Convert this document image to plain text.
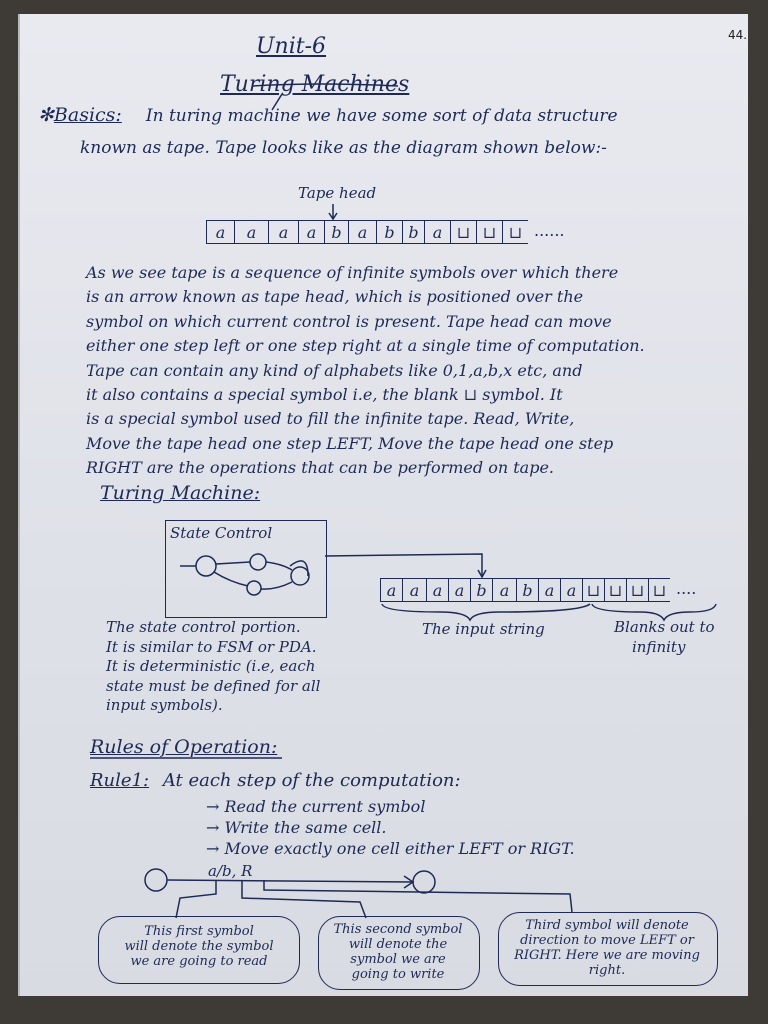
44.
Unit-6
Turing Machines
✻Basics: In turing machine we have some sort of data structure
known as tape. Tape looks like as the diagram shown below:-
Tape head
a	a	a	a b	a	b b a ⊔ ⊔ ⊔ ......
As we see tape is a sequence of infinite symbols over which there
is an arrow known as tape head, which is positioned over the
symbol on which current control is present. Tape head can move
either one step left or one step right at a single time of computation.
Tape can contain any kind of alphabets like 0,1,a,b,x etc, and
it also contains a special symbol i.e, the blank ⊔ symbol. It
is a special symbol used to fill the infinite tape. Read, Write,
Move the tape head one step LEFT, Move the tape head one step
RIGHT are the operations that can be performed on tape.
Turing Machine:
State Control
a a a a b a b a a ⊔ ⊔ ⊔ ⊔ ....
The state control portion.
It is similar to FSM or PDA.
It is deterministic (i.e, each
state must be defined for all
input symbols).
The input string	Blanks out to
infinity
Rules of Operation:
Rule1: At each step of the computation:
→ Read the current symbol
→ Write the same cell.
→ Move exactly one cell either LEFT or RIGT.
a/b, R
This first symbol
will denote the symbol
we are going to read
This second symbol
will denote the
symbol we are
going to write
Third symbol will denote
direction to move LEFT or
RIGHT. Here we are moving
right.
